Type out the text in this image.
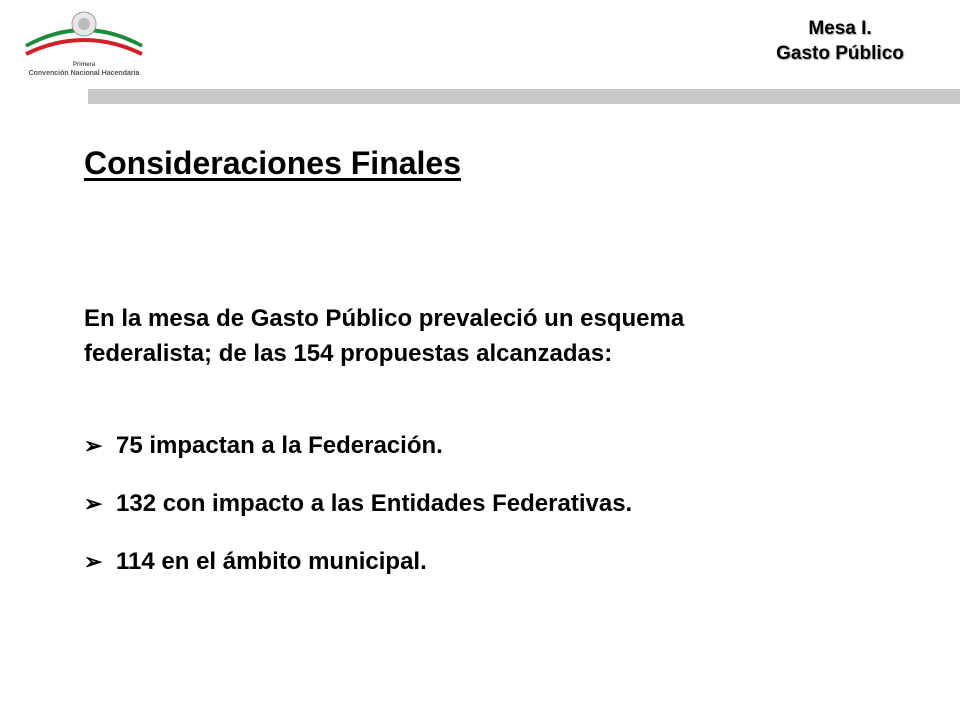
Primera
Convención Nacional Hacendaria
Mesa I.
Gasto Público
Consideraciones Finales

En la mesa de Gasto Público prevaleció un esquema
federalista; de las 154 propuestas alcanzadas:

➢ 75 impactan a la Federación.
➢ 132 con impacto a las Entidades Federativas.
➢ 114 en el ámbito municipal.
